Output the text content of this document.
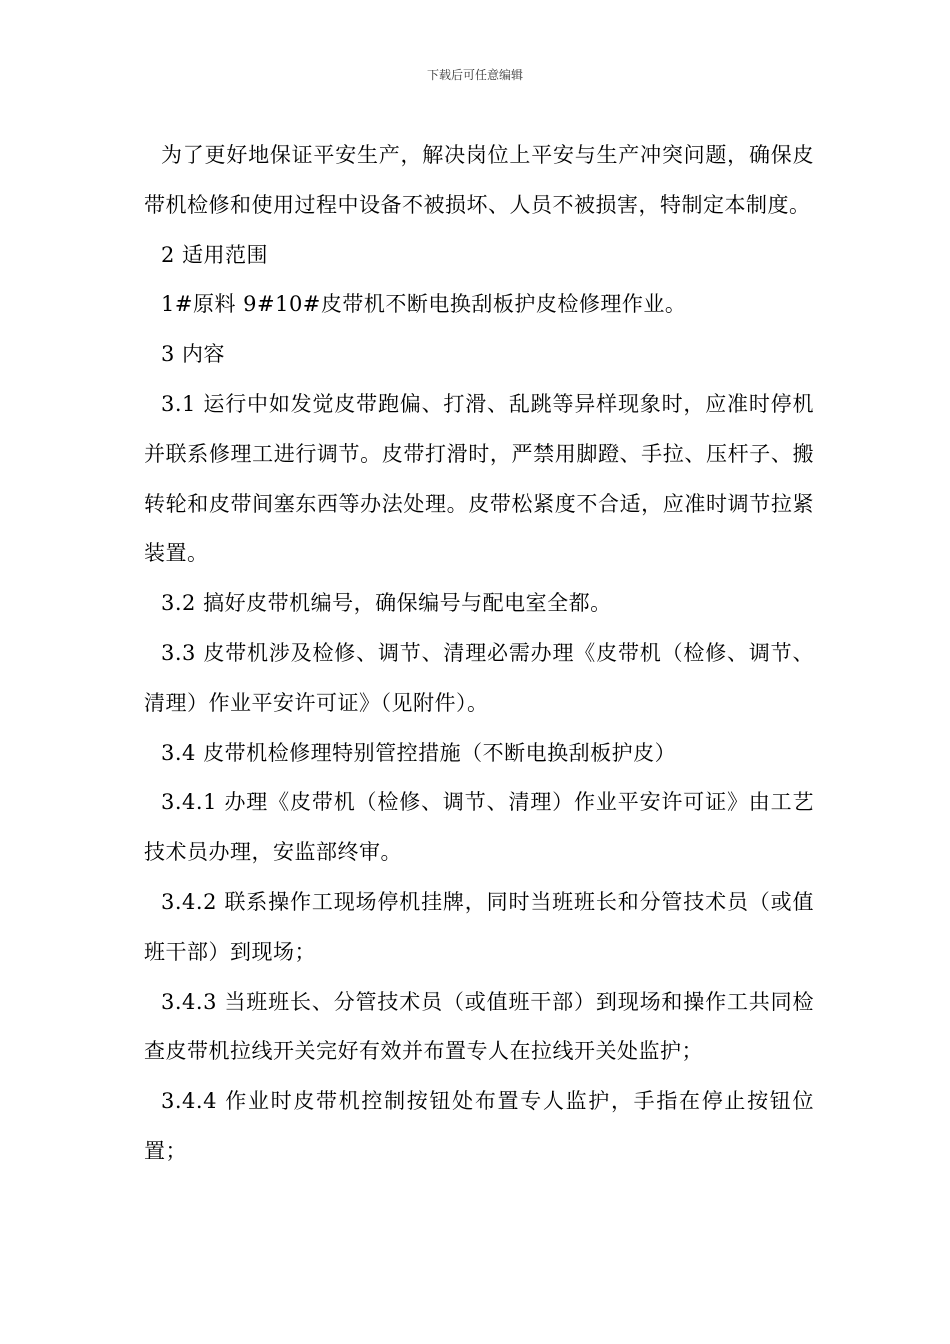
下载后可任意编辑

为了更好地保证平安生产，解决岗位上平安与生产冲突问题，确保皮带机检修和使用过程中设备不被损坏、人员不被损害，特制定本制度。

2 适用范围

1#原料 9#10#皮带机不断电换刮板护皮检修理作业。

3 内容

3.1 运行中如发觉皮带跑偏、打滑、乱跳等异样现象时，应准时停机并联系修理工进行调节。皮带打滑时，严禁用脚蹬、手拉、压杆子、搬转轮和皮带间塞东西等办法处理。皮带松紧度不合适，应准时调节拉紧装置。

3.2 搞好皮带机编号，确保编号与配电室全都。

3.3 皮带机涉及检修、调节、清理必需办理《皮带机（检修、调节、清理）作业平安许可证》（见附件）。

3.4 皮带机检修理特别管控措施（不断电换刮板护皮）

3.4.1 办理《皮带机（检修、调节、清理）作业平安许可证》由工艺技术员办理，安监部终审。

3.4.2 联系操作工现场停机挂牌，同时当班班长和分管技术员（或值班干部）到现场；

3.4.3 当班班长、分管技术员（或值班干部）到现场和操作工共同检查皮带机拉线开关完好有效并布置专人在拉线开关处监护；

3.4.4 作业时皮带机控制按钮处布置专人监护，手指在停止按钮位置；
